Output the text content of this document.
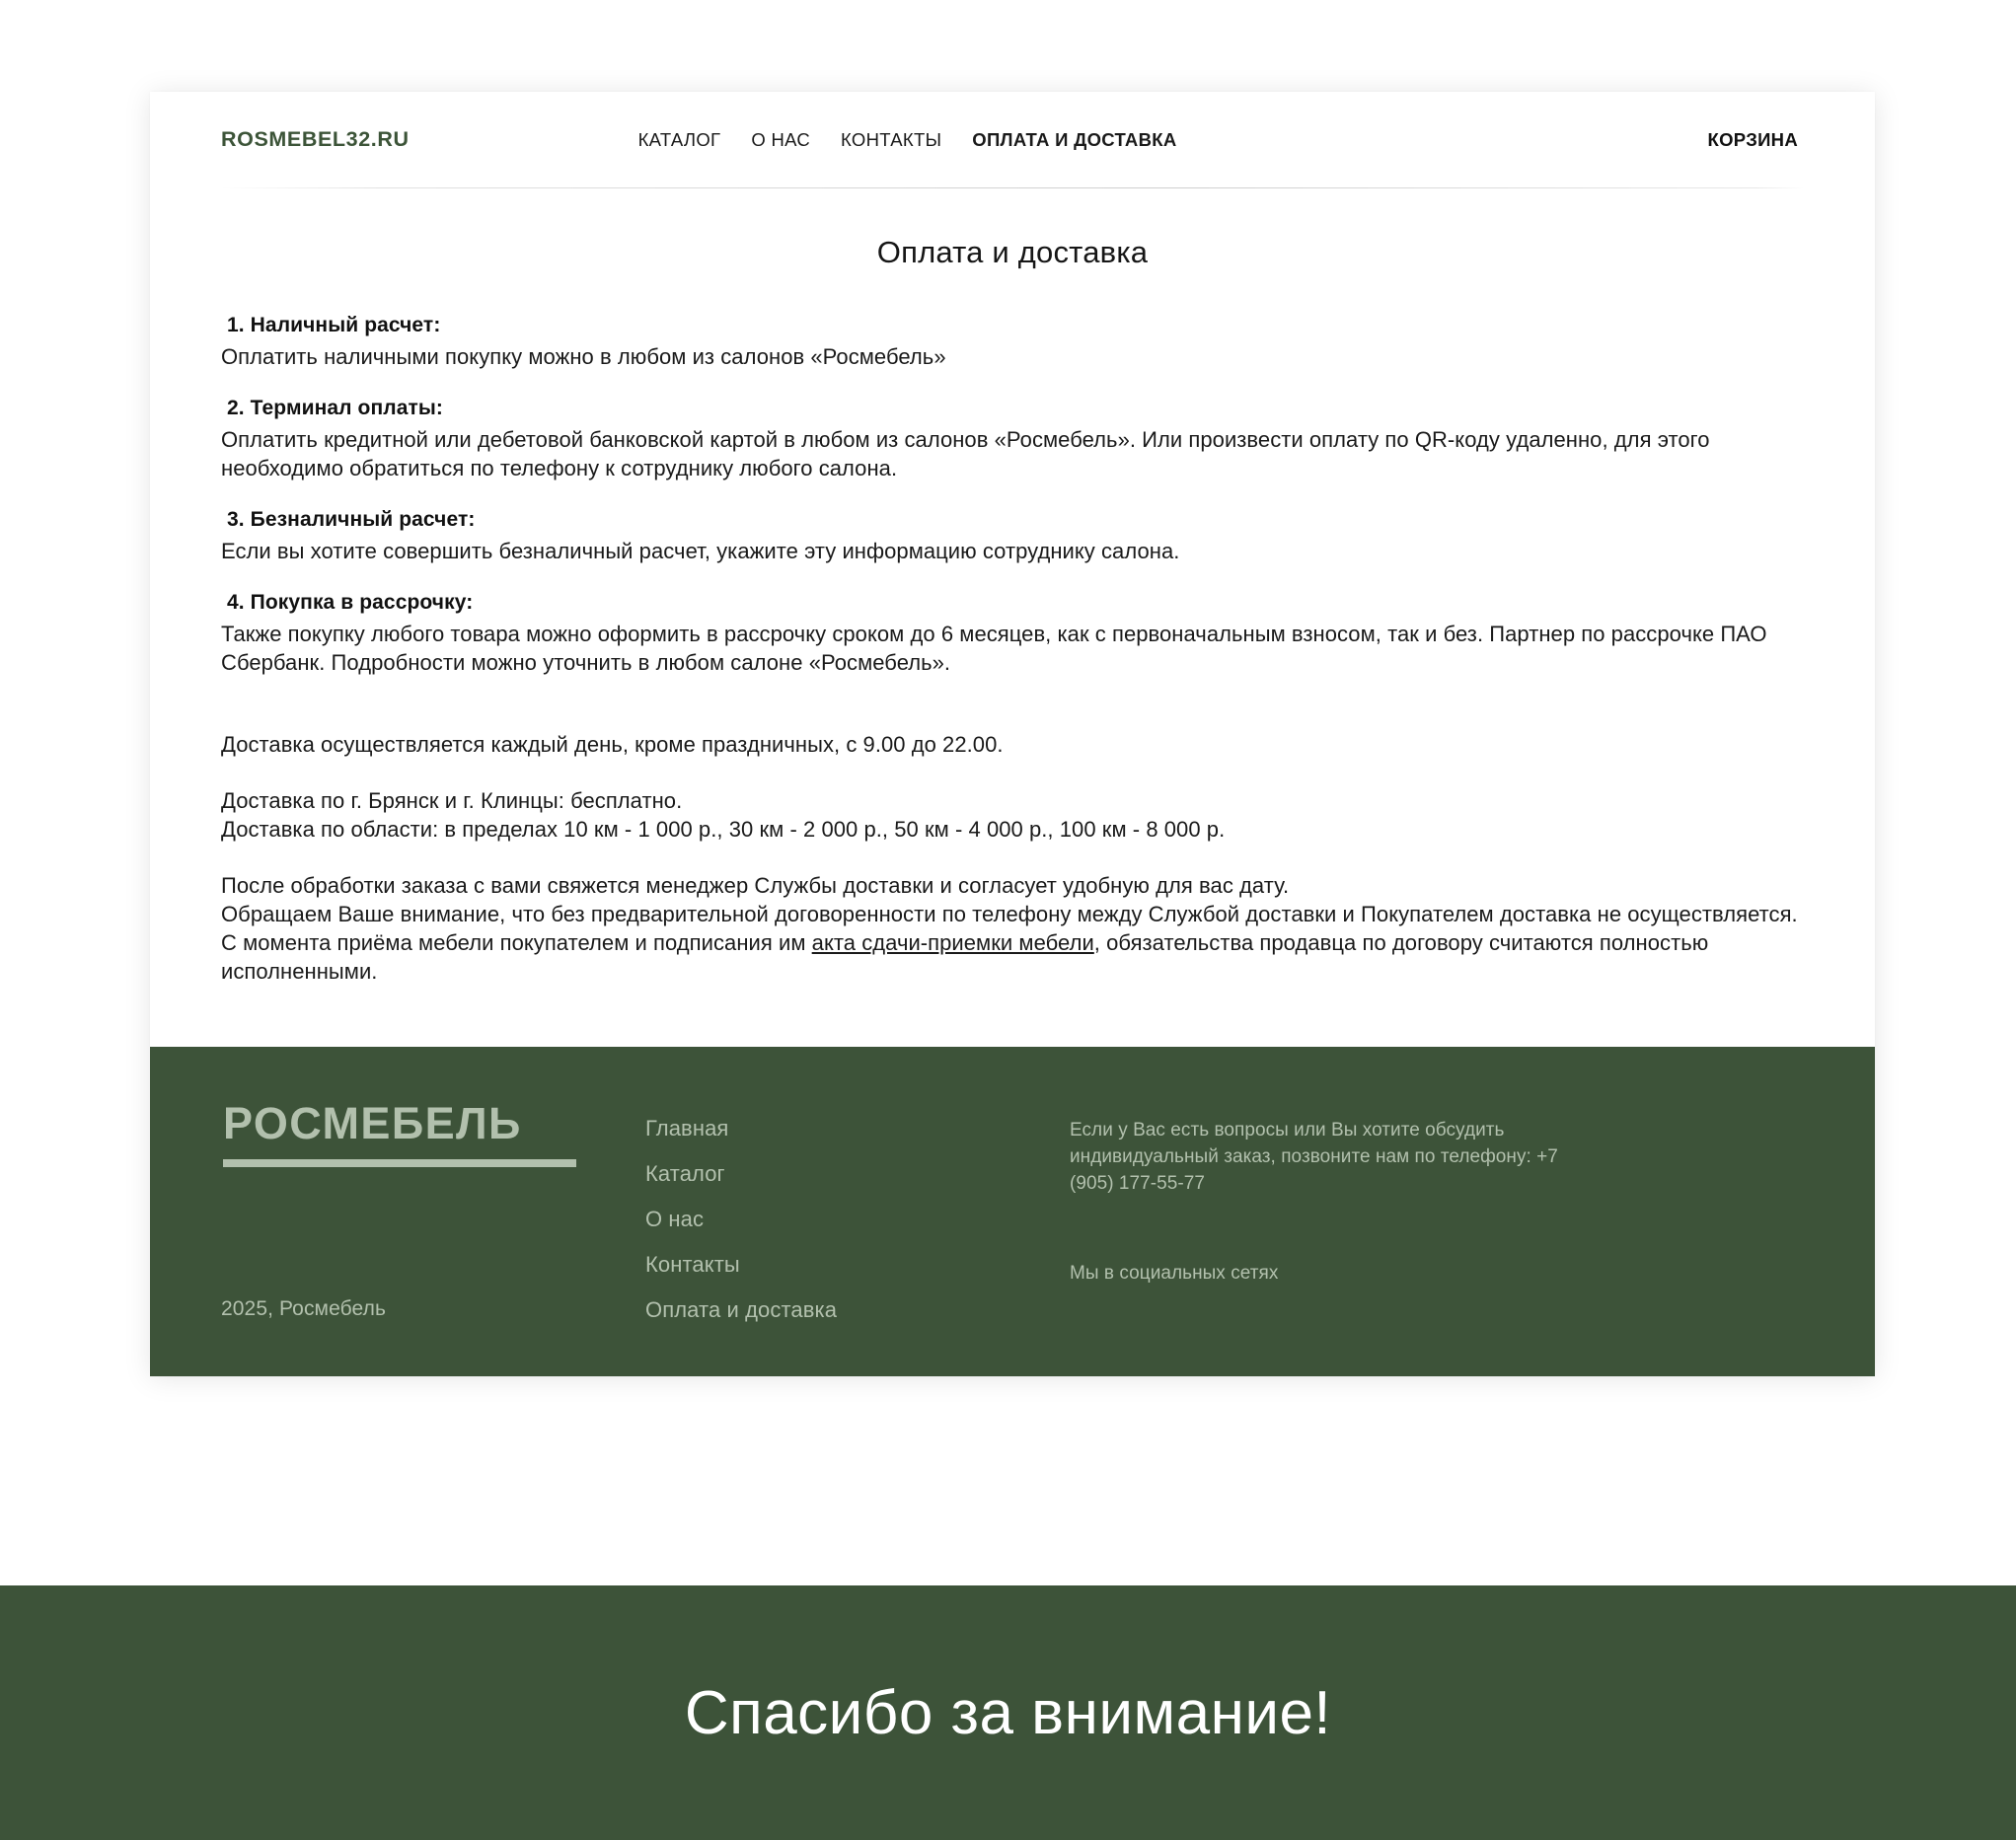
ROSMEBEL32.RU	КАТАЛОГ О НАС КОНТАКТЫ ОПЛАТА И ДОСТАВКА	КОРЗИНА
Оплата и доставка
1. Наличный расчет:

Оплатить наличными покупку можно в любом из салонов «Росмебель»

2. Терминал оплаты:

Оплатить кредитной или дебетовой банковской картой в любом из салонов «Росмебель». Или произвести оплату по QR-коду удаленно, для этого необходимо обратиться по телефону к сотруднику любого салона.

3. Безналичный расчет:

Если вы хотите совершить безналичный расчет, укажите эту информацию сотруднику салона.

4. Покупка в рассрочку:

Также покупку любого товара можно оформить в рассрочку сроком до 6 месяцев, как с первоначальным взносом, так и без. Партнер по рассрочке ПАО Сбербанк. Подробности можно уточнить в любом салоне «Росмебель».

Доставка осуществляется каждый день, кроме праздничных, с 9.00 до 22.00.

Доставка по г. Брянск и г. Клинцы: бесплатно.

Доставка по области: в пределах 10 км - 1 000 р., 30 км - 2 000 р., 50 км - 4 000 р., 100 км - 8 000 р.

После обработки заказа с вами свяжется менеджер Службы доставки и согласует удобную для вас дату.

Обращаем Ваше внимание, что без предварительной договоренности по телефону между Службой доставки и Покупателем доставка не осуществляется.

С момента приёма мебели покупателем и подписания им акта сдачи-приемки мебели, обязательства продавца по договору считаются полностью исполненными.

РОСМЕБЕЛЬ
2025, Росмебель
Главная
Каталог
О нас
Контакты
Оплата и доставка
Если у Вас есть вопросы или Вы хотите обсудить индивидуальный заказ, позвоните нам по телефону: +7 (905) 177-55-77
Мы в социальных сетях
Спасибо за внимание!
